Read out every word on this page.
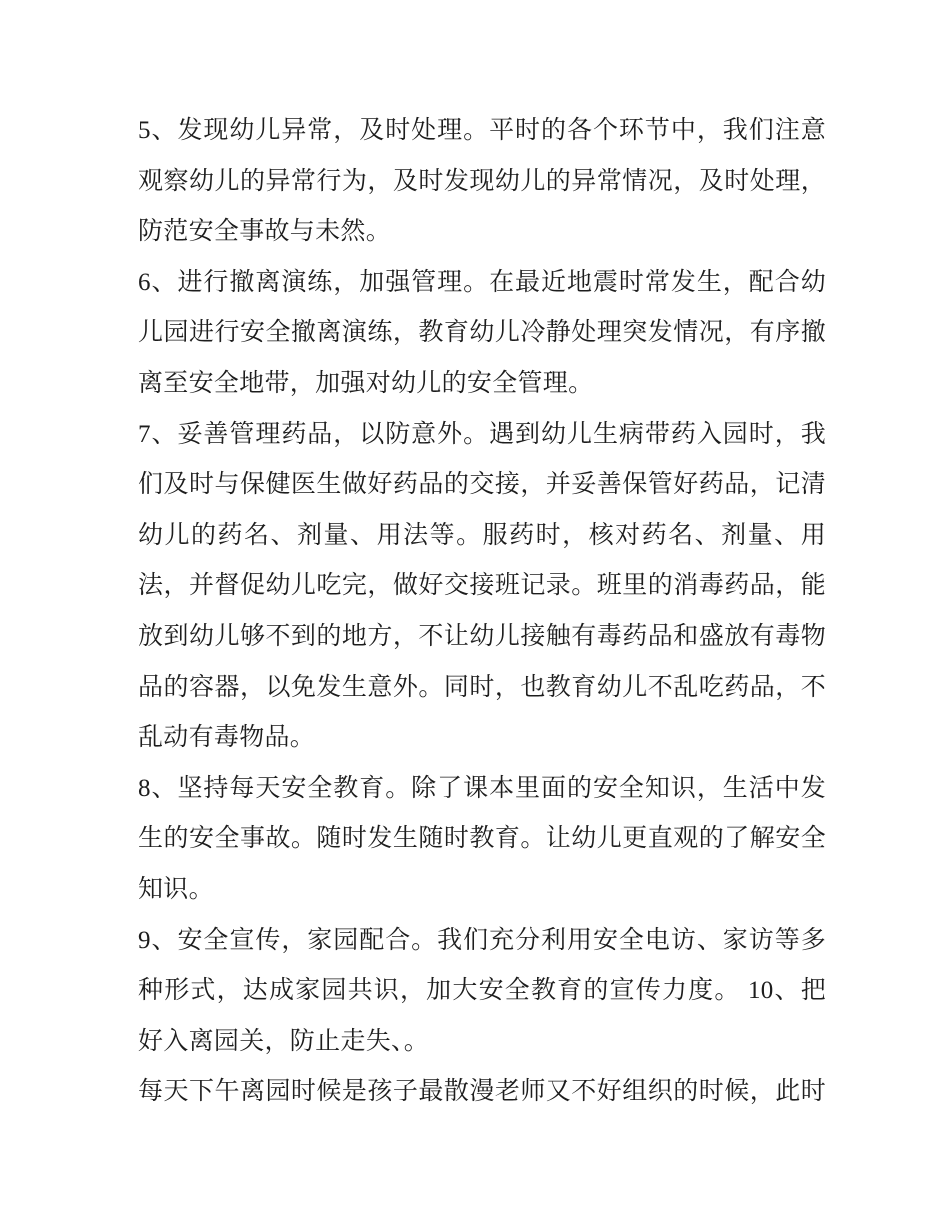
5、发现幼儿异常，及时处理。平时的各个环节中，我们注意
观察幼儿的异常行为，及时发现幼儿的异常情况，及时处理，
防范安全事故与未然。
6、进行撤离演练，加强管理。在最近地震时常发生，配合幼
儿园进行安全撤离演练，教育幼儿冷静处理突发情况，有序撤
离至安全地带，加强对幼儿的安全管理。
7、妥善管理药品，以防意外。遇到幼儿生病带药入园时，我
们及时与保健医生做好药品的交接，并妥善保管好药品，记清
幼儿的药名、剂量、用法等。服药时，核对药名、剂量、用
法，并督促幼儿吃完，做好交接班记录。班里的消毒药品，能
放到幼儿够不到的地方，不让幼儿接触有毒药品和盛放有毒物
品的容器，以免发生意外。同时，也教育幼儿不乱吃药品，不
乱动有毒物品。
8、坚持每天安全教育。除了课本里面的安全知识，生活中发
生的安全事故。随时发生随时教育。让幼儿更直观的了解安全
知识。
9、安全宣传，家园配合。我们充分利用安全电访、家访等多
种形式，达成家园共识，加大安全教育的宣传力度。 10、把
好入离园关，防止走失、。
每天下午离园时候是孩子最散漫老师又不好组织的时候，此时
